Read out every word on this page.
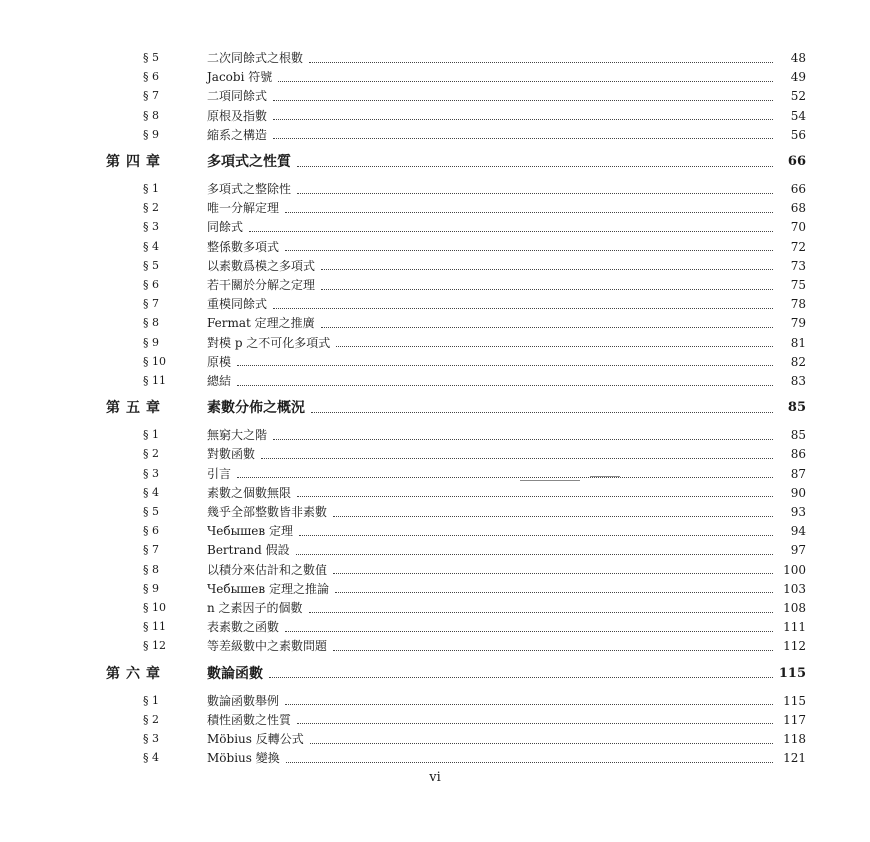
§ 5	二次同餘式之根數	48
§ 6	Jacobi 符號	49
§ 7	二項同餘式	52
§ 8	原根及指數	54
§ 9	縮系之構造	56
第四章	多項式之性質	66
§ 1	多項式之整除性	66
§ 2	唯一分解定理	68
§ 3	同餘式	70
§ 4	整係數多項式	72
§ 5	以素數爲模之多項式	73
§ 6	若干關於分解之定理	75
§ 7	重模同餘式	78
§ 8	Fermat 定理之推廣	79
§ 9	對模 p 之不可化多項式	81
§ 10	原模	82
§ 11	總結	83
第五章	素數分佈之概況	85
§ 1	無窮大之階	85
§ 2	對數函數	86
§ 3	引言	87
§ 4	素數之個數無限	90
§ 5	幾乎全部整數皆非素數	93
§ 6	Чебышев 定理	94
§ 7	Bertrand 假設	97
§ 8	以積分來估計和之數值	100
§ 9	Чебышев 定理之推論	103
§ 10	n 之素因子的個數	108
§ 11	表素數之函數	111
§ 12	等差級數中之素數問題	112
第六章	數論函數	115
§ 1	數論函數舉例	115
§ 2	積性函數之性質	117
§ 3	Möbius 反轉公式	118
§ 4	Möbius 變換	121
vi
